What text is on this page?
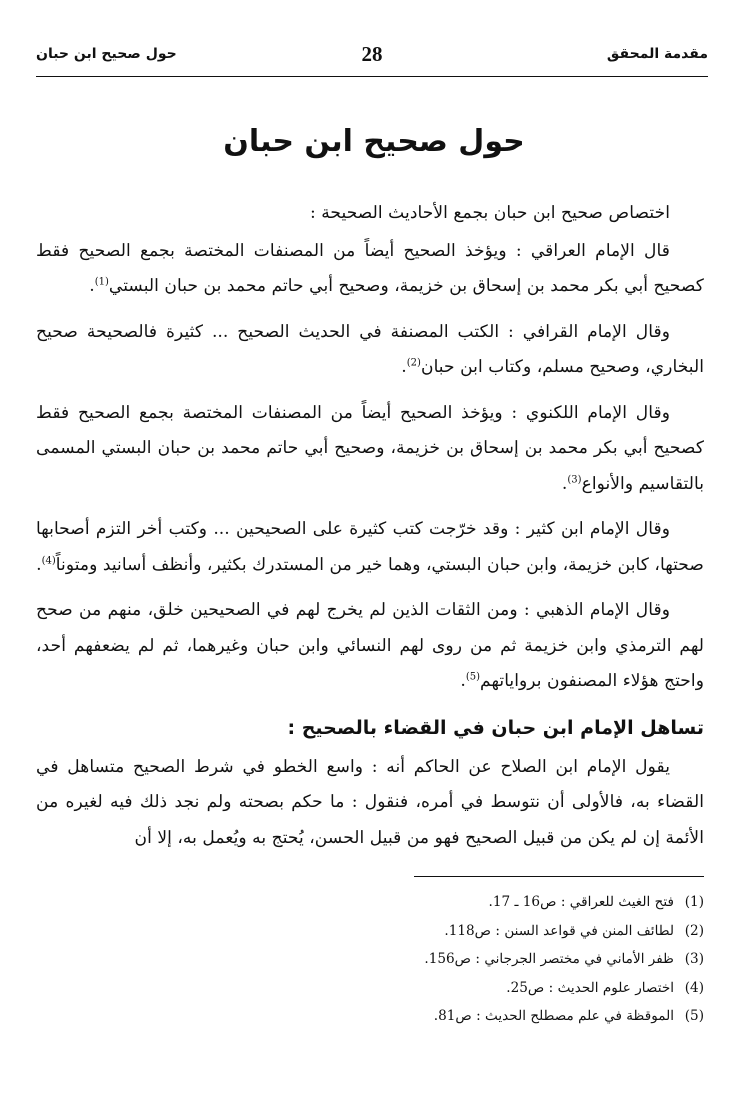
مقدمة المحقق
28
حول صحيح ابن حبان
حول صحيح ابن حبان

اختصاص صحيح ابن حبان بجمع الأحاديث الصحيحة :

قال الإمام العراقي : ويؤخذ الصحيح أيضاً من المصنفات المختصة بجمع الصحيح فقط كصحيح أبي بكر محمد بن إسحاق بن خزيمة، وصحيح أبي حاتم محمد بن حبان البستي$^{(1)}$.

وقال الإمام القرافي : الكتب المصنفة في الحديث الصحيح ... كثيرة فالصحيحة صحيح البخاري، وصحيح مسلم، وكتاب ابن حبان$^{(2)}$.

وقال الإمام اللكنوي : ويؤخذ الصحيح أيضاً من المصنفات المختصة بجمع الصحيح فقط كصحيح أبي بكر محمد بن إسحاق بن خزيمة، وصحيح أبي حاتم محمد بن حبان البستي المسمى بالتقاسيم والأنواع$^{(3)}$.

وقال الإمام ابن كثير : وقد خرّجت كتب كثيرة على الصحيحين ... وكتب أخر التزم أصحابها صحتها، كابن خزيمة، وابن حبان البستي، وهما خير من المستدرك بكثير، وأنظف أسانيد ومتوناً$^{(4)}$.

وقال الإمام الذهبي : ومن الثقات الذين لم يخرج لهم في الصحيحين خلق، منهم من صحح لهم الترمذي وابن خزيمة ثم من روى لهم النسائي وابن حبان وغيرهما، ثم لم يضعفهم أحد، واحتج هؤلاء المصنفون برواياتهم$^{(5)}$.

تساهل الإمام ابن حبان في القضاء بالصحيح :

يقول الإمام ابن الصلاح عن الحاكم أنه : واسع الخطو في شرط الصحيح متساهل في القضاء به، فالأولى أن نتوسط في أمره، فنقول : ما حكم بصحته ولم نجد ذلك فيه لغيره من الأئمة إن لم يكن من قبيل الصحيح فهو من قبيل الحسن، يُحتج به ويُعمل به، إلا أن

(1)فتح الغيث للعراقي : ص16 ـ 17.
(2)لطائف المنن في قواعد السنن : ص118.
(3)ظفر الأماني في مختصر الجرجاني : ص156.
(4)اختصار علوم الحديث : ص25.
(5)الموقظة في علم مصطلح الحديث : ص81.
